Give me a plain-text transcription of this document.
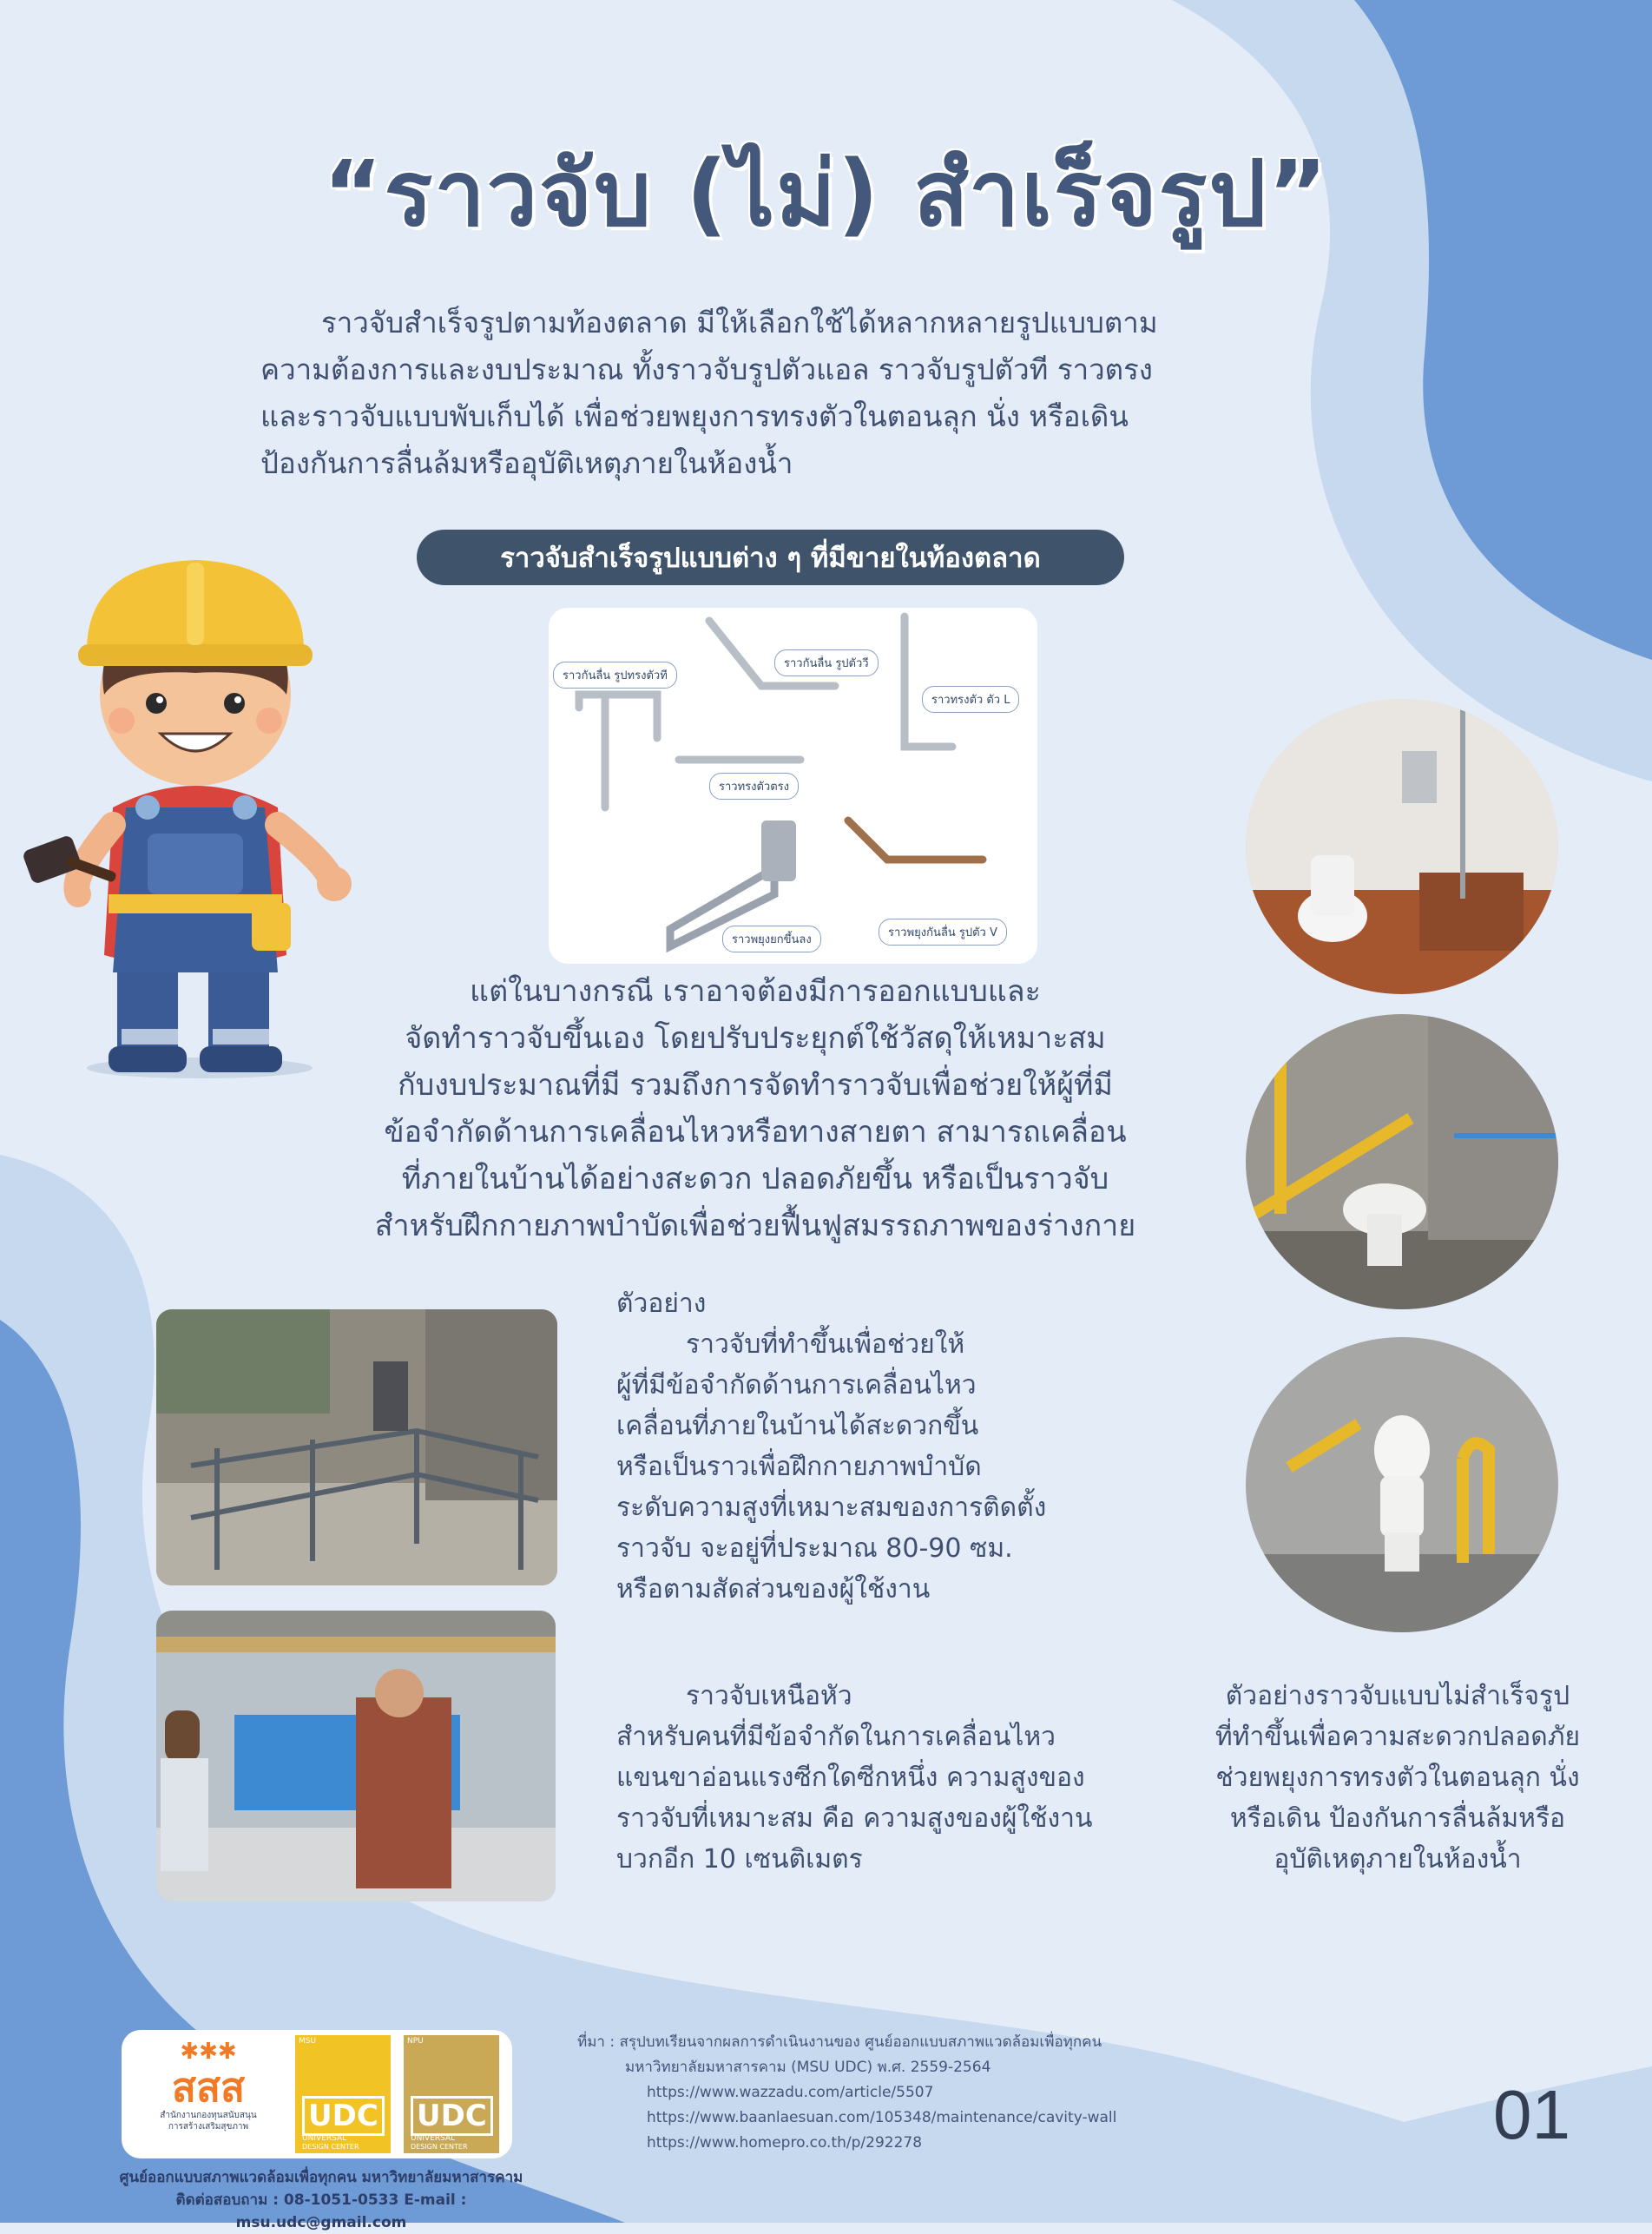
“ราวจับ (ไม่) สำเร็จรูป”

ราวจับสำเร็จรูปตามท้องตลาด มีให้เลือกใช้ได้หลากหลายรูปแบบตาม

ความต้องการและงบประมาณ ทั้งราวจับรูปตัวแอล ราวจับรูปตัวที ราวตรง

และราวจับแบบพับเก็บได้ เพื่อช่วยพยุงการทรงตัวในตอนลุก นั่ง หรือเดิน

ป้องกันการลื่นล้มหรืออุบัติเหตุภายในห้องน้ำ

ราวจับสำเร็จรูปแบบต่าง ๆ ที่มีขายในท้องตลาด
ราวกันลื่น รูปทรงตัวที
ราวกันลื่น รูปตัววี
ราวทรงตัว ตัว L
ราวทรงตัวตรง
ราวพยุงยกขึ้นลง
ราวพยุงกันลื่น รูปตัว V

แต่ในบางกรณี เราอาจต้องมีการออกแบบและ

จัดทำราวจับขึ้นเอง โดยปรับประยุกต์ใช้วัสดุให้เหมาะสม

กับงบประมาณที่มี รวมถึงการจัดทำราวจับเพื่อช่วยให้ผู้ที่มี

ข้อจำกัดด้านการเคลื่อนไหวหรือทางสายตา สามารถเคลื่อน

ที่ภายในบ้านได้อย่างสะดวก ปลอดภัยขึ้น หรือเป็นราวจับ

สำหรับฝึกกายภาพบำบัดเพื่อช่วยฟื้นฟูสมรรถภาพของร่างกาย

ตัวอย่าง

ราวจับที่ทำขึ้นเพื่อช่วยให้

ผู้ที่มีข้อจำกัดด้านการเคลื่อนไหว

เคลื่อนที่ภายในบ้านได้สะดวกขึ้น

หรือเป็นราวเพื่อฝึกกายภาพบำบัด

ระดับความสูงที่เหมาะสมของการติดตั้ง

ราวจับ จะอยู่ที่ประมาณ 80-90 ซม.

หรือตามสัดส่วนของผู้ใช้งาน

ราวจับเหนือหัว

สำหรับคนที่มีข้อจำกัดในการเคลื่อนไหว

แขนขาอ่อนแรงซีกใดซีกหนึ่ง ความสูงของ

ราวจับที่เหมาะสม คือ ความสูงของผู้ใช้งาน

บวกอีก 10 เซนติเมตร

ตัวอย่างราวจับแบบไม่สำเร็จรูป

ที่ทำขึ้นเพื่อความสะดวกปลอดภัย

ช่วยพยุงการทรงตัวในตอนลุก นั่ง

หรือเดิน ป้องกันการลื่นล้มหรือ

อุบัติเหตุภายในห้องน้ำ

✱✱✱
สสส
สำนักงานกองทุนสนับสนุน
การสร้างเสริมสุขภาพ
MSU
UDC
UNIVERSAL
DESIGN CENTER
NPU
UDC
UNIVERSAL
DESIGN CENTER

ศูนย์ออกแบบสภาพแวดล้อมเพื่อทุกคน มหาวิทยาลัยมหาสารคาม

ติดต่อสอบถาม : 08-1051-0533 E-mail : msu.udc@gmail.com

ที่มา : สรุปบทเรียนจากผลการดำเนินงานของ ศูนย์ออกแบบสภาพแวดล้อมเพื่อทุกคน

มหาวิทยาลัยมหาสารคาม (MSU UDC) พ.ศ. 2559-2564

https://www.wazzadu.com/article/5507

https://www.baanlaesuan.com/105348/maintenance/cavity-wall

https://www.homepro.co.th/p/292278	01
